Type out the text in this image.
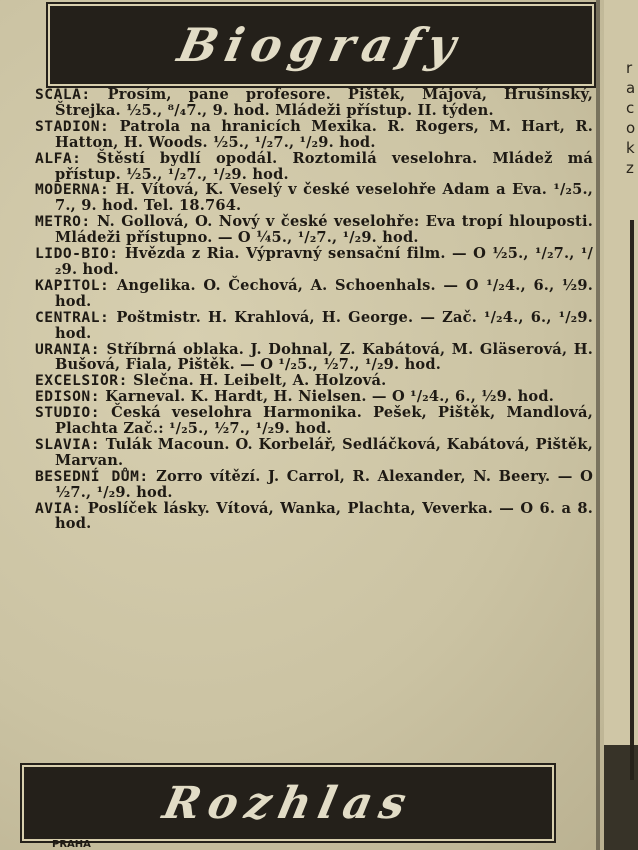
r
a
c
o
k
z
Biografy

SCALA: Prosím, pane profesore. Pištěk, Májová, Hrušínský, Štrejka. ½5., ⁸/₄7., 9. hod. Mládeži přístup. II. týden.

STADION: Patrola na hranicích Mexika. R. Rogers, M. Hart, R. Hatton, H. Woods. ½5., ¹/₂7., ¹/₂9. hod.

ALFA: Štěstí bydlí opodál. Roztomilá veselohra. Mládež má přístup. ½5., ¹/₂7., ¹/₂9. hod.

MODERNA: H. Vítová, K. Veselý v české veselohře Adam a Eva. ¹/₂5., 7., 9. hod. Tel. 18.764.

METRO: N. Gollová, O. Nový v české veselohře: Eva tropí hlouposti. Mládeži přístupno. — O ¼5., ¹/₂7., ¹/₂9. hod.

LIDO-BIO: Hvězda z Ria. Výpravný sensační film. — O ½5., ¹/₂7., ¹/₂9. hod.

KAPITOL: Angelika. O. Čechová, A. Schoenhals. — O ¹/₂4., 6., ½9. hod.

CENTRAL: Poštmistr. H. Krahlová, H. George. — Zač. ¹/₂4., 6., ¹/₂9. hod.

URANIA: Stříbrná oblaka. J. Dohnal, Z. Kabátová, M. Gläserová, H. Bušová, Fiala, Pištěk. — O ¹/₂5., ½7., ¹/₂9. hod.

EXCELSIOR: Slečna. H. Leibelt, A. Holzová.

EDISON: Karneval. K. Hardt, H. Nielsen. — O ¹/₂4., 6., ½9. hod.

STUDIO: Česká veselohra Harmonika. Pešek, Pištěk, Mandlová, Plachta Zač.: ¹/₂5., ½7., ¹/₂9. hod.

SLAVIA: Tulák Macoun. O. Korbelář, Sedláčková, Kabátová, Pištěk, Marvan.

BESEDNÍ DŮM: Zorro vítězí. J. Carrol, R. Alexander, N. Beery. — O ½7., ¹/₂9. hod.

AVIA: Poslíček lásky. Vítová, Wanka, Plachta, Veverka. — O 6. a 8. hod.

Rozhlas
PRAHA
